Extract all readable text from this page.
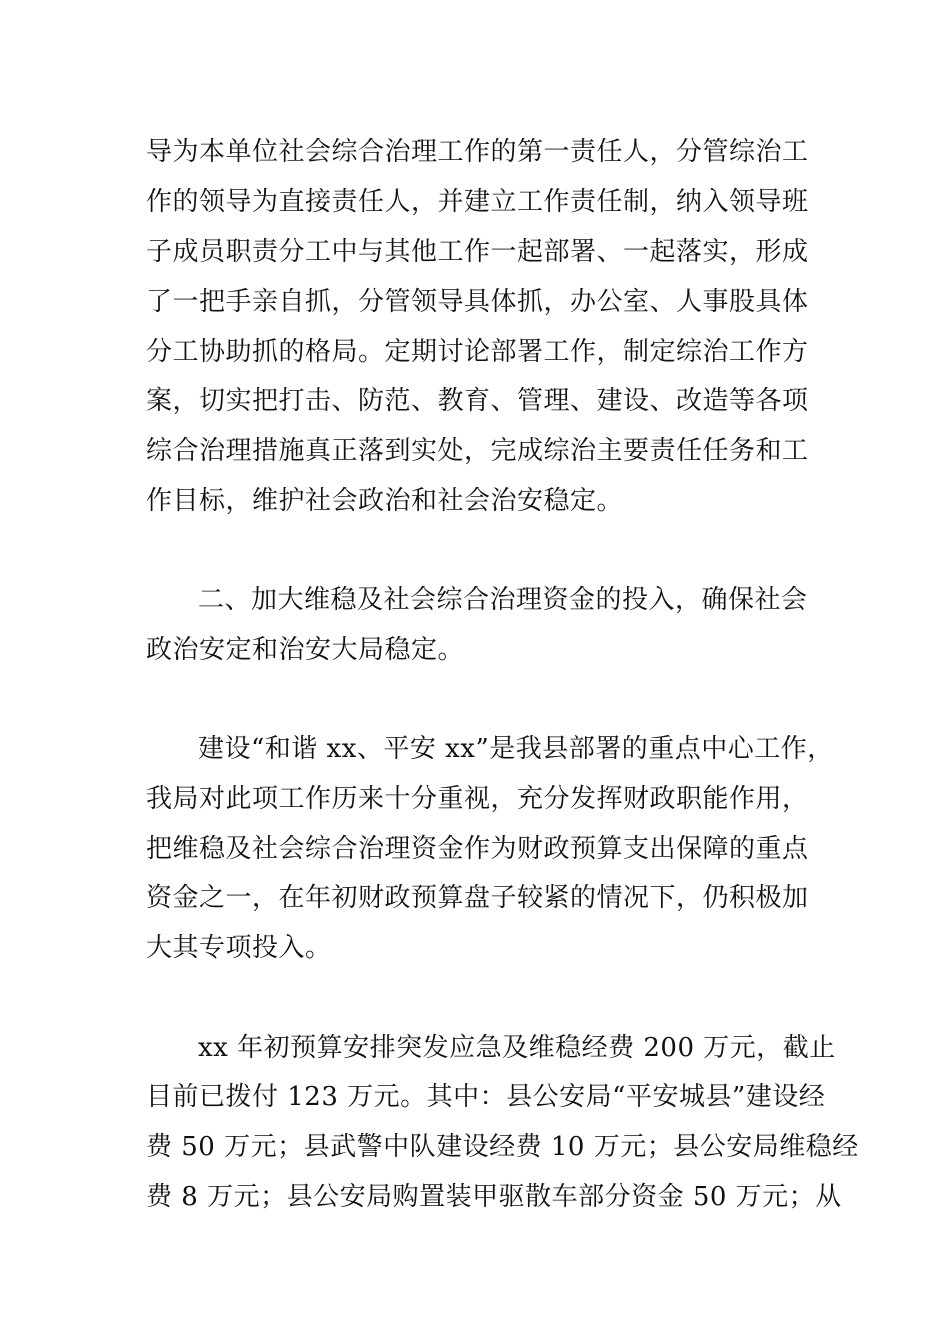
导为本单位社会综合治理工作的第一责任人，分管综治工
作的领导为直接责任人，并建立工作责任制，纳入领导班
子成员职责分工中与其他工作一起部署、一起落实，形成
了一把手亲自抓，分管领导具体抓，办公室、人事股具体
分工协助抓的格局。定期讨论部署工作，制定综治工作方
案，切实把打击、防范、教育、管理、建设、改造等各项
综合治理措施真正落到实处，完成综治主要责任任务和工
作目标，维护社会政治和社会治安稳定。
二、加大维稳及社会综合治理资金的投入，确保社会
政治安定和治安大局稳定。
建设“和谐 xx、平安 xx”是我县部署的重点中心工作，
我局对此项工作历来十分重视，充分发挥财政职能作用，
把维稳及社会综合治理资金作为财政预算支出保障的重点
资金之一，在年初财政预算盘子较紧的情况下，仍积极加
大其专项投入。
xx 年初预算安排突发应急及维稳经费 200 万元，截止
目前已拨付 123 万元。其中：县公安局“平安城县”建设经
费 50 万元；县武警中队建设经费 10 万元；县公安局维稳经
费 8 万元；县公安局购置装甲驱散车部分资金 50 万元；从
